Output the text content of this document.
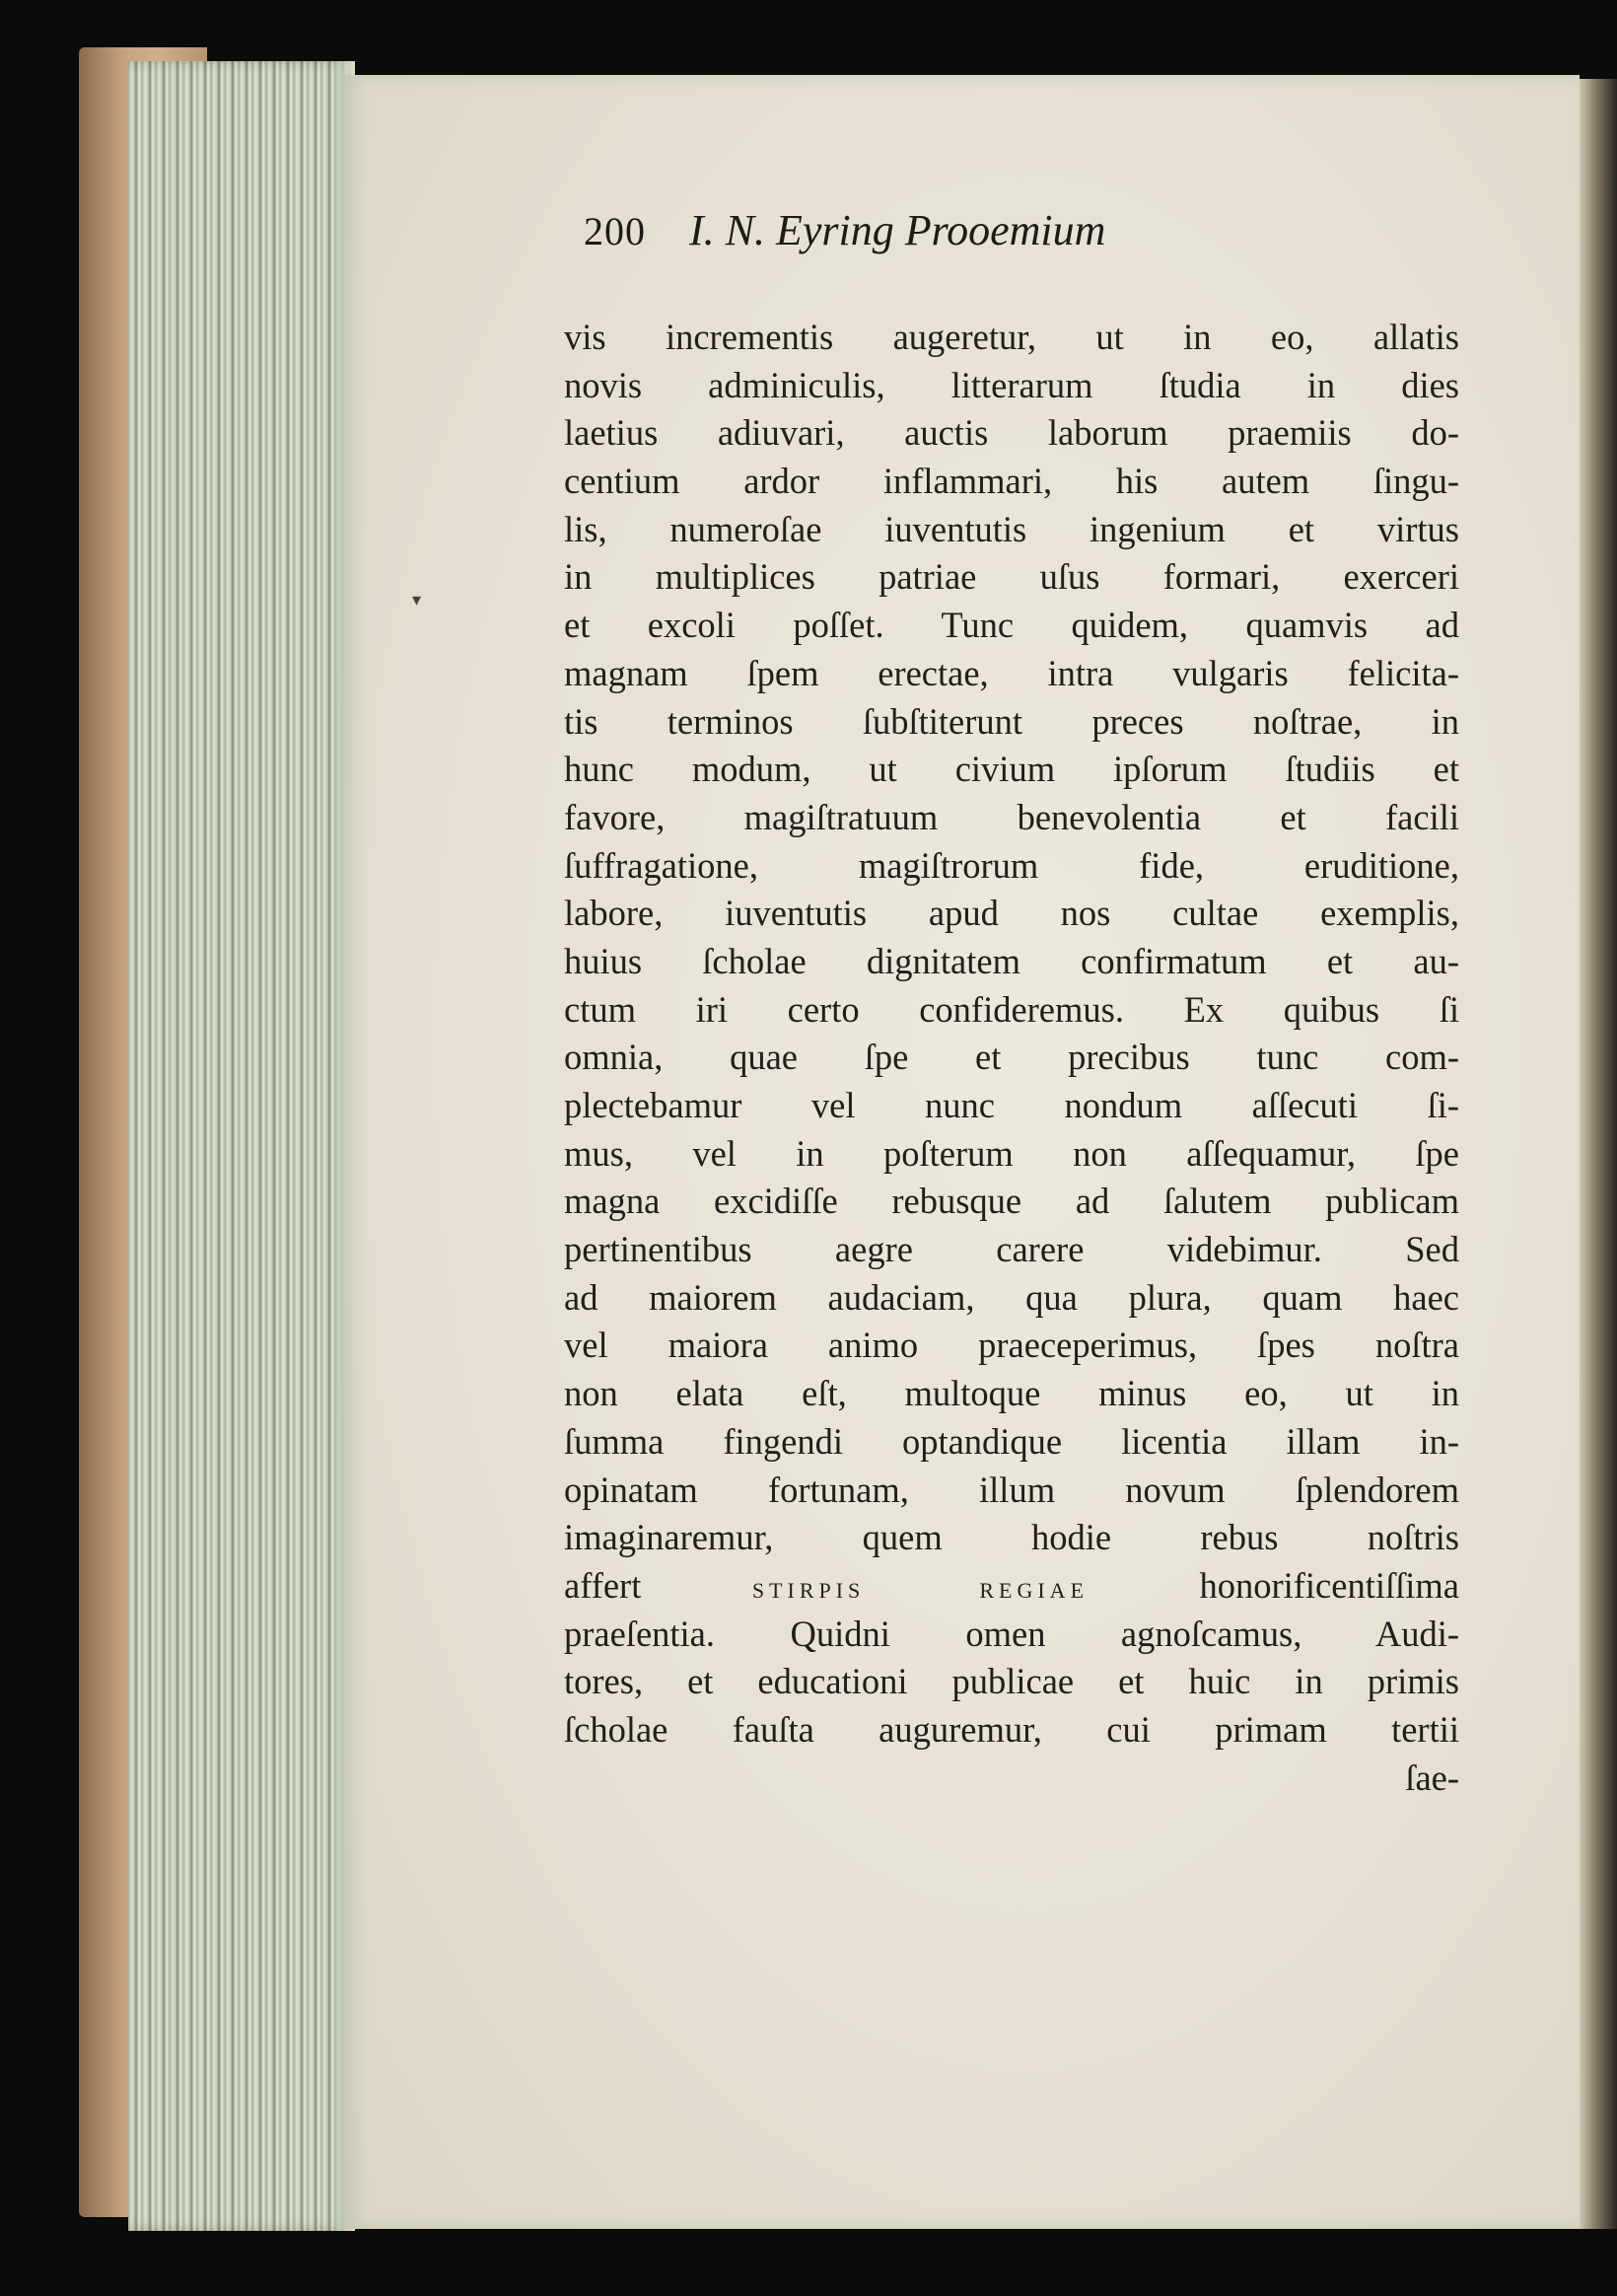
200 I. N. Eyring Prooemium
▾
vis incrementis augeretur, ut in eo, allatis
novis adminiculis, litterarum ſtudia in dies
laetius adiuvari, auctis laborum praemiis do-
centium ardor inflammari, his autem ſingu-
lis, numeroſae iuventutis ingenium et virtus
in multiplices patriae uſus formari, exerceri
et excoli poſſet. Tunc quidem, quamvis ad
magnam ſpem erectae, intra vulgaris felicita-
tis terminos ſubſtiterunt preces noſtrae, in
hunc modum, ut civium ipſorum ſtudiis et
favore, magiſtratuum benevolentia et facili
ſuffragatione, magiſtrorum fide, eruditione,
labore, iuventutis apud nos cultae exemplis,
huius ſcholae dignitatem confirmatum et au-
ctum iri certo confideremus. Ex quibus ſi
omnia, quae ſpe et precibus tunc com-
plectebamur vel nunc nondum aſſecuti ſi-
mus, vel in poſterum non aſſequamur, ſpe
magna excidiſſe rebusque ad ſalutem publicam
pertinentibus aegre carere videbimur. Sed
ad maiorem audaciam, qua plura, quam haec
vel maiora animo praeceperimus, ſpes noſtra
non elata eſt, multoque minus eo, ut in
ſumma fingendi optandique licentia illam in-
opinatam fortunam, illum novum ſplendorem
imaginaremur, quem hodie rebus noſtris
affert	stirpis regiae	honorificentiſſima
praeſentia. Quidni omen agnoſcamus, Audi-
tores, et educationi publicae et huic in primis
ſcholae fauſta auguremur, cui primam tertii
ſae-
